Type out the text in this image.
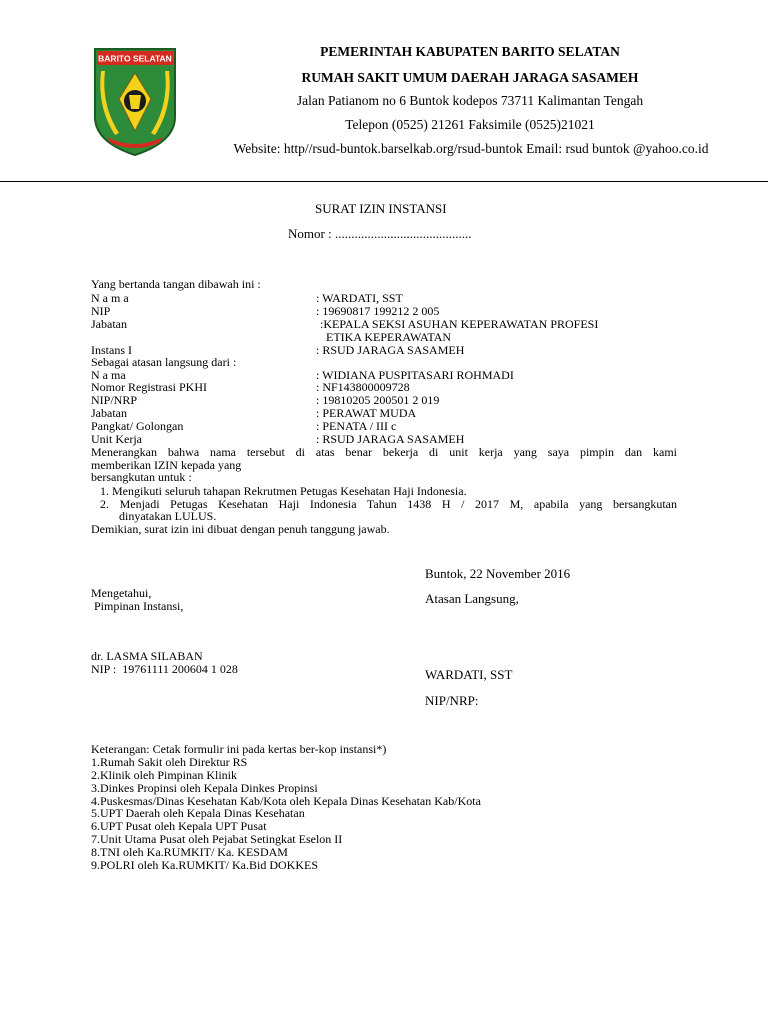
BARITO SELATAN	PEMERINTAH KABUPATEN BARITO SELATAN
RUMAH SAKIT UMUM DAERAH JARAGA SASAMEH
Jalan Patianom no 6 Buntok kodepos 73711 Kalimantan Tengah
Telepon (0525) 21261 Faksimile (0525)21021
Website: http//rsud-buntok.barselkab.org/rsud-buntok Email: rsud buntok @yahoo.co.id
SURAT IZIN INSTANSI
Nomor : ..........................................
Yang bertanda tangan dibawah ini :
N a m a	: WARDATI, SST
NIP	: 19690817 199212 2 005
Jabatan	:KEPALA SEKSI ASUHAN KEPERAWATAN PROFESI
ETIKA KEPERAWATAN
Instans I	: RSUD JARAGA SASAMEH
Sebagai atasan langsung dari :
N a ma	: WIDIANA PUSPITASARI ROHMADI
Nomor Registrasi PKHI	: NF143800009728
NIP/NRP	: 19810205 200501 2 019
Jabatan	: PERAWAT MUDA
Pangkat/ Golongan	: PENATA / III c
Unit Kerja	: RSUD JARAGA SASAMEH
Menerangkan bahwa nama tersebut di atas benar bekerja di unit kerja yang saya pimpin dan kami
memberikan IZIN kepada yang
bersangkutan untuk :
1. Mengikuti seluruh tahapan Rekrutmen Petugas Kesehatan Haji Indonesia.
2. Menjadi Petugas Kesehatan Haji Indonesia Tahun 1438 H / 2017 M, apabila yang bersangkutan
dinyatakan LULUS.
Demikian, surat izin ini dibuat dengan penuh tanggung jawab.
Buntok, 22 November 2016
Mengetahui,	Atasan Langsung,
Pimpinan Instansi,
dr. LASMA SILABAN
NIP :  19761111 200604 1 028	WARDATI, SST
NIP/NRP:
Keterangan: Cetak formulir ini pada kertas ber-kop instansi*)
1.Rumah Sakit oleh Direktur RS
2.Klinik oleh Pimpinan Klinik
3.Dinkes Propinsi oleh Kepala Dinkes Propinsi
4.Puskesmas/Dinas Kesehatan Kab/Kota oleh Kepala Dinas Kesehatan Kab/Kota
5.UPT Daerah oleh Kepala Dinas Kesehatan
6.UPT Pusat oleh Kepala UPT Pusat
7.Unit Utama Pusat oleh Pejabat Setingkat Eselon II
8.TNI oleh Ka.RUMKIT/ Ka. KESDAM
9.POLRI oleh Ka.RUMKIT/ Ka.Bid DOKKES
